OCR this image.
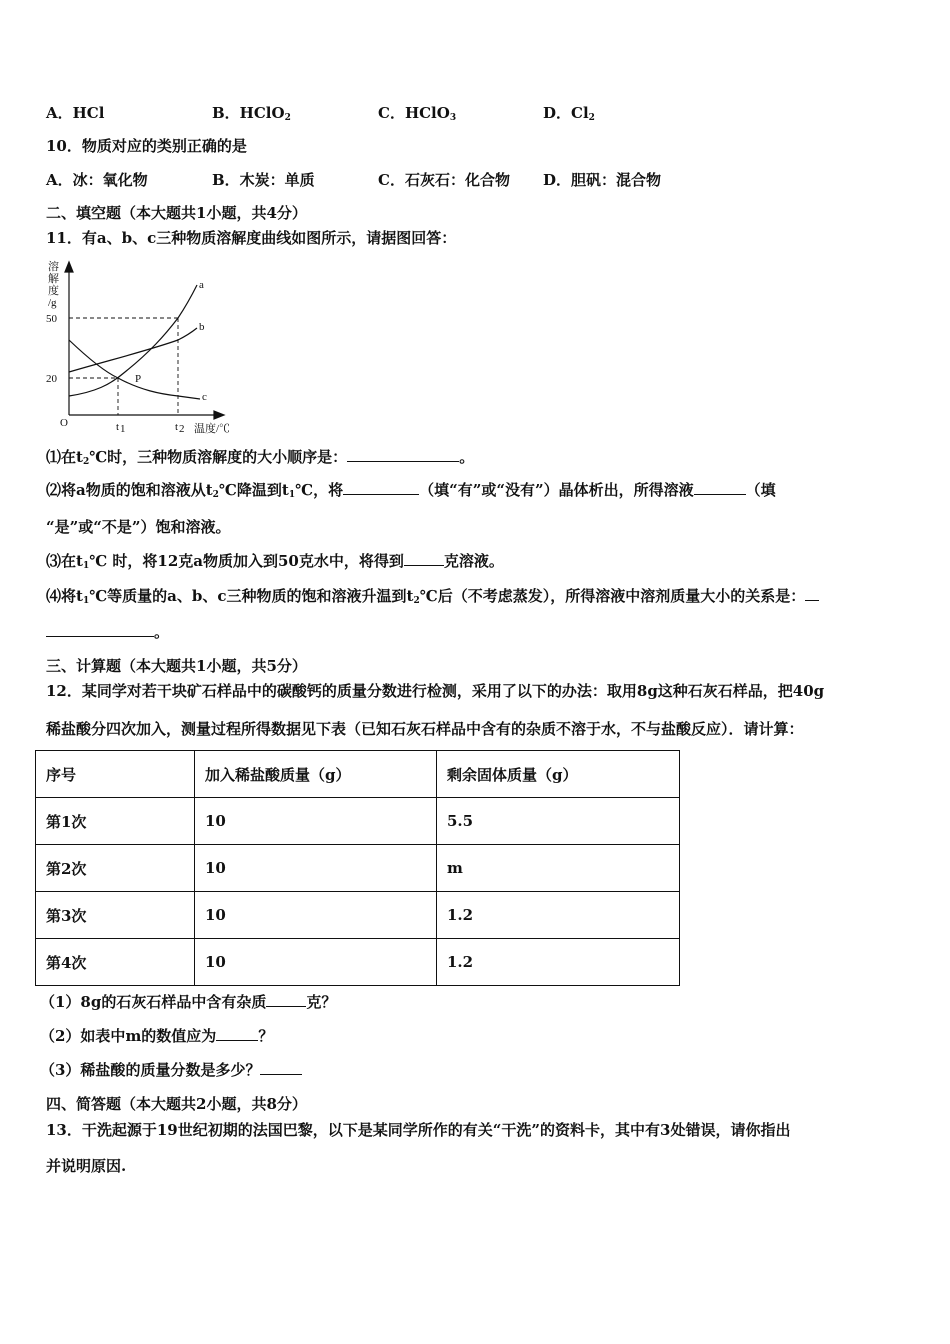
A．HCl	B．HClO$_2$	C．HClO$_3$	D．$Cl_2$
10．物质对应的类别正确的是
A．冰：氧化物	B．木炭：单质	C．石灰石：化合物 D．胆矾：混合物
二、填空题（本大题共1小题，共4分）
11．有a、b、c三种物质溶解度曲线如图所示，请据图回答：
溶
解
度
/g
50
20
O	t 1	t 2 温度/℃
a
b
c
P
⑴在$t_2℃$时，三种物质溶解度的大小顺序是：	。
⑵将a物质的饱和溶液从$t_2℃$降温到$t_1℃$，将	（填“有”或“没有”）晶体析出，所得溶液	（填
“是”或“不是”）饱和溶液。
⑶在$t_1℃$ 时，将12克a物质加入到50克水中，将得到	克溶液。
⑷将$t_1℃$等质量的a、b、c三种物质的饱和溶液升温到$t_2℃$后（不考虑蒸发），所得溶液中溶剂质量大小的关系是：
。
三、计算题（本大题共1小题，共5分）
12．某同学对若干块矿石样品中的碳酸钙的质量分数进行检测，采用了以下的办法：取用8g这种石灰石样品，把40g
稀盐酸分四次加入，测量过程所得数据见下表（已知石灰石样品中含有的杂质不溶于水，不与盐酸反应）．请计算：
序号	加入稀盐酸质量（g）	剩余固体质量（g）
第1次	10	5.5
第2次	10	m
第3次	10	1.2
第4次	10	1.2
（1）8g的石灰石样品中含有杂质	克？
（2）如表中m的数值应为	？
（3）稀盐酸的质量分数是多少？
四、简答题（本大题共2小题，共8分）
13．干洗起源于19世纪初期的法国巴黎，以下是某同学所作的有关“干洗”的资料卡，其中有3处错误，请你指出
并说明原因.
